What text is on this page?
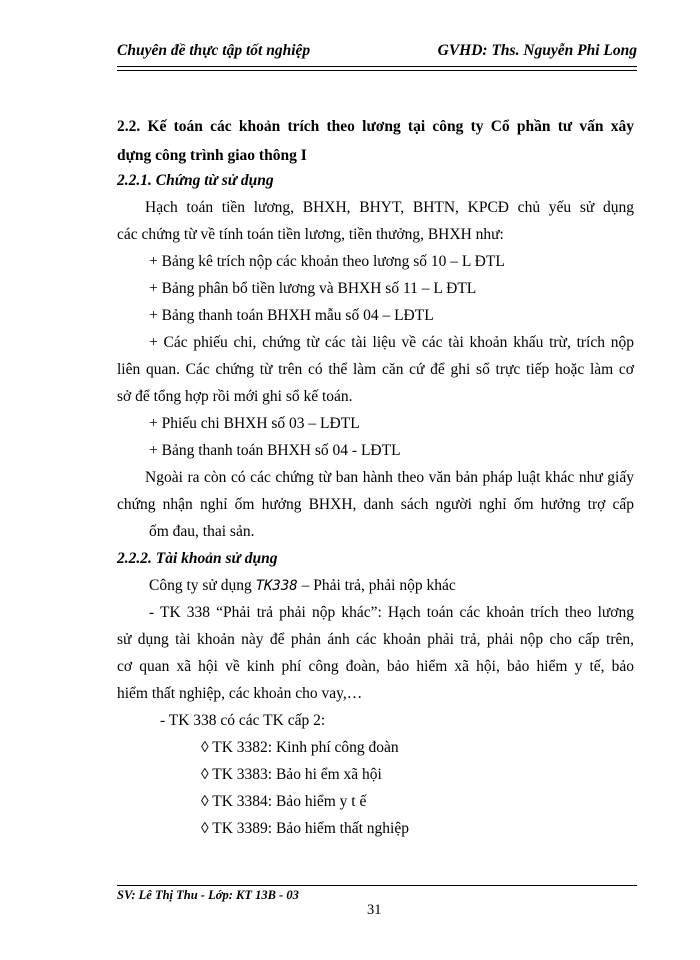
Chuyên đề thực tập tốt nghiệp	GVHD: Ths. Nguyễn Phi Long
2.2. Kế toán các khoản trích theo lương tại công ty Cổ phần tư vấn xây
dựng công trình giao thông I
2.2.1. Chứng từ sử dụng
Hạch toán tiền lương, BHXH, BHYT, BHTN, KPCĐ chủ yếu sử dụng
các chứng từ về tính toán tiền lương, tiền thưởng, BHXH như:
+ Bảng kê trích nộp các khoản theo lương số 10 – L ĐTL
+ Bảng phân bổ tiền lương và BHXH số 11 – L ĐTL
+ Bảng thanh toán BHXH mẫu số 04 – LĐTL
+ Các phiếu chi, chứng từ các tài liệu về các tài khoản khấu trừ, trích nộp
liên quan. Các chứng từ trên có thể làm căn cứ để ghi sổ trực tiếp hoặc làm cơ
sở để tổng hợp rồi mới ghi sổ kế toán.
+ Phiếu chi BHXH số 03 – LĐTL
+ Bảng thanh toán BHXH số 04 - LĐTL
Ngoài ra còn có các chứng từ ban hành theo văn bản pháp luật khác như giấy
chứng nhận nghỉ ốm hưởng BHXH, danh sách người nghỉ ốm hưởng trợ cấp
ốm đau, thai sản.
2.2.2. Tài khoản sử dụng
Công ty sử dụng TK338 – Phải trả, phải nộp khác
- TK 338 “Phải trả phải nộp khác”: Hạch toán các khoản trích theo lương
sử dụng tài khoản này để phản ánh các khoản phải trả, phải nộp cho cấp trên,
cơ quan xã hội về kinh phí công đoàn, bảo hiểm xã hội, bảo hiểm y tế, bảo
hiểm thất nghiệp, các khoản cho vay,…
- TK 338 có các TK cấp 2:
◊ TK 3382: Kinh phí công đoàn
◊ TK 3383: Bảo hi ểm xã hội
◊ TK 3384: Bảo hiểm y t ế
◊ TK 3389: Bảo hiểm thất nghiệp
SV: Lê Thị Thu - Lớp: KT 13B - 03
31
